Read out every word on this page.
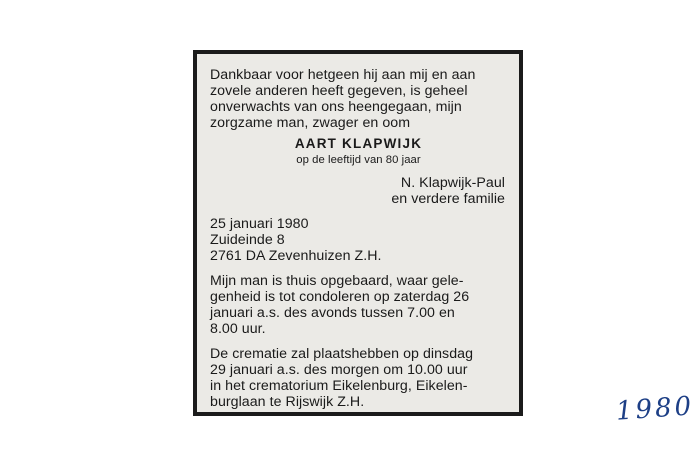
Dankbaar voor hetgeen hij aan mij en aan
zovele anderen heeft gegeven, is geheel
onverwachts van ons heengegaan, mijn
zorgzame man, zwager en oom
AART KLAPWIJK
op de leeftijd van 80 jaar
N. Klapwijk-Paul
en verdere familie
25 januari 1980
Zuideinde 8
2761 DA Zevenhuizen Z.H.
Mijn man is thuis opgebaard, waar gele-
genheid is tot condoleren op zaterdag 26
januari a.s. des avonds tussen 7.00 en
8.00 uur.
De crematie zal plaatshebben op dinsdag
29 januari a.s. des morgen om 10.00 uur
in het crematorium Eikelenburg, Eikelen-
burglaan te Rijswijk Z.H.	1980
